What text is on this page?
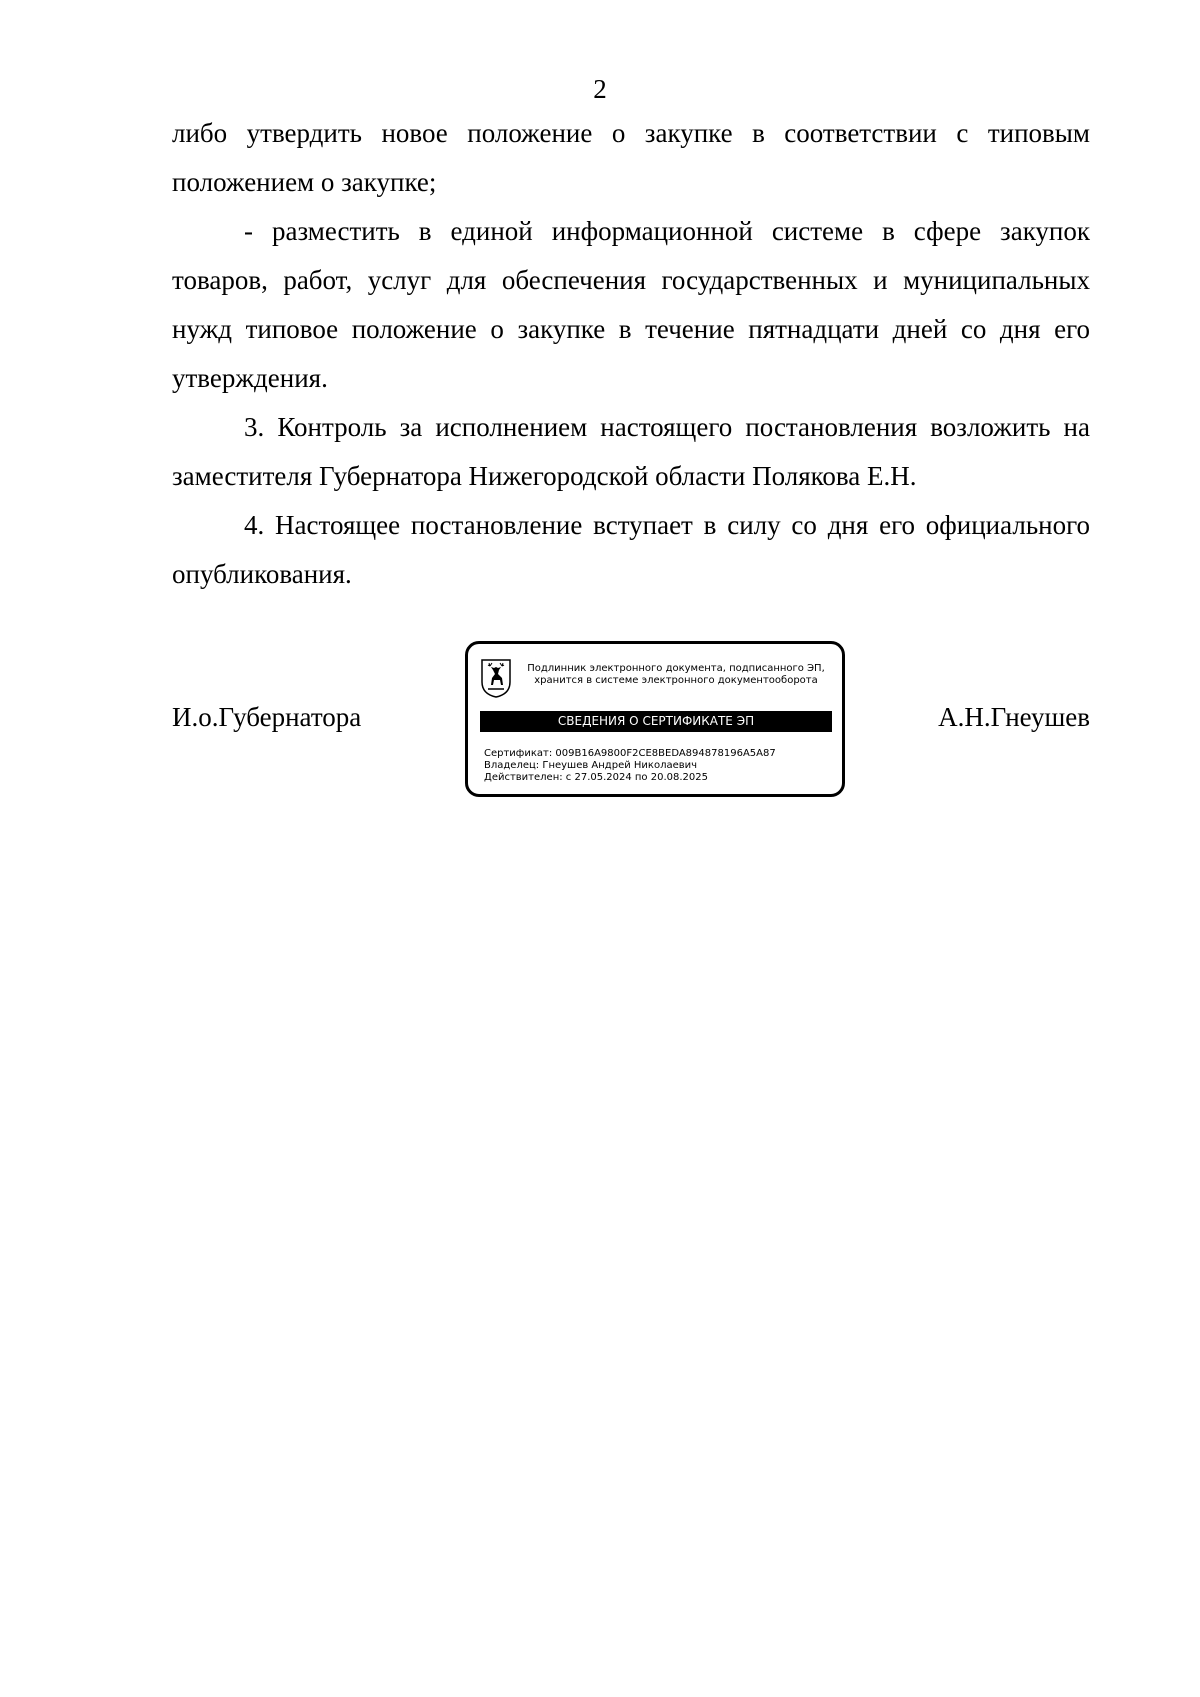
2

либо утвердить новое положение о закупке в соответствии с типовым положением о закупке;

- разместить в единой информационной системе в сфере закупок товаров, работ, услуг для обеспечения государственных и муниципальных нужд типовое положение о закупке в течение пятнадцати дней со дня его утверждения.

3. Контроль за исполнением настоящего постановления возложить на заместителя Губернатора Нижегородской области Полякова Е.Н.

4. Настоящее постановление вступает в силу со дня его официального опубликования.

И.о.Губернатора
Подлинник электронного документа, подписанного ЭП,
хранится в системе электронного документооборота
СВЕДЕНИЯ О СЕРТИФИКАТЕ ЭП
Сертификат: 009B16A9800F2CE8BEDA894878196A5A87
Владелец: Гнеушев Андрей Николаевич
Действителен: с 27.05.2024 по 20.08.2025
А.Н.Гнеушев
